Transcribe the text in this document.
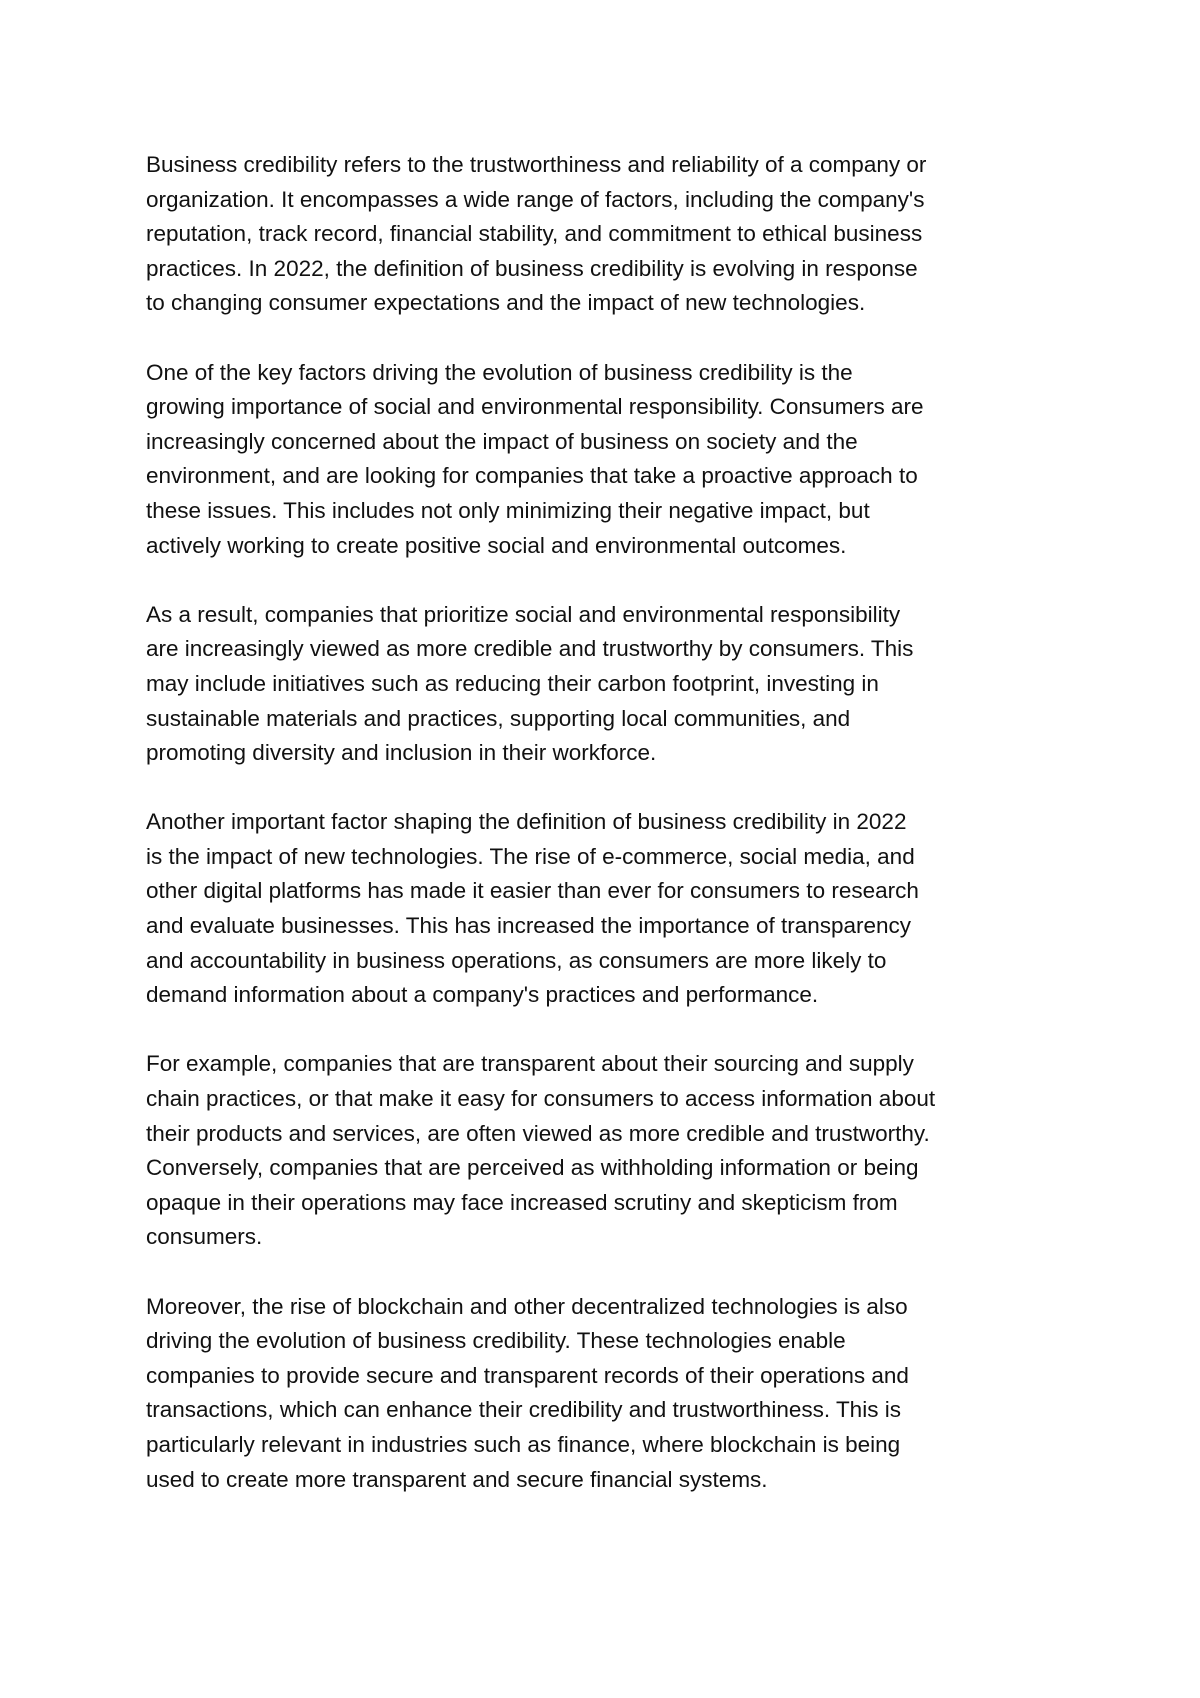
Business credibility refers to the trustworthiness and reliability of a company or
organization. It encompasses a wide range of factors, including the company's
reputation, track record, financial stability, and commitment to ethical business
practices. In 2022, the definition of business credibility is evolving in response
to changing consumer expectations and the impact of new technologies.

One of the key factors driving the evolution of business credibility is the
growing importance of social and environmental responsibility. Consumers are
increasingly concerned about the impact of business on society and the
environment, and are looking for companies that take a proactive approach to
these issues. This includes not only minimizing their negative impact, but
actively working to create positive social and environmental outcomes.

As a result, companies that prioritize social and environmental responsibility
are increasingly viewed as more credible and trustworthy by consumers. This
may include initiatives such as reducing their carbon footprint, investing in
sustainable materials and practices, supporting local communities, and
promoting diversity and inclusion in their workforce.

Another important factor shaping the definition of business credibility in 2022
is the impact of new technologies. The rise of e-commerce, social media, and
other digital platforms has made it easier than ever for consumers to research
and evaluate businesses. This has increased the importance of transparency
and accountability in business operations, as consumers are more likely to
demand information about a company's practices and performance.

For example, companies that are transparent about their sourcing and supply
chain practices, or that make it easy for consumers to access information about
their products and services, are often viewed as more credible and trustworthy.
Conversely, companies that are perceived as withholding information or being
opaque in their operations may face increased scrutiny and skepticism from
consumers.

Moreover, the rise of blockchain and other decentralized technologies is also
driving the evolution of business credibility. These technologies enable
companies to provide secure and transparent records of their operations and
transactions, which can enhance their credibility and trustworthiness. This is
particularly relevant in industries such as finance, where blockchain is being
used to create more transparent and secure financial systems.
